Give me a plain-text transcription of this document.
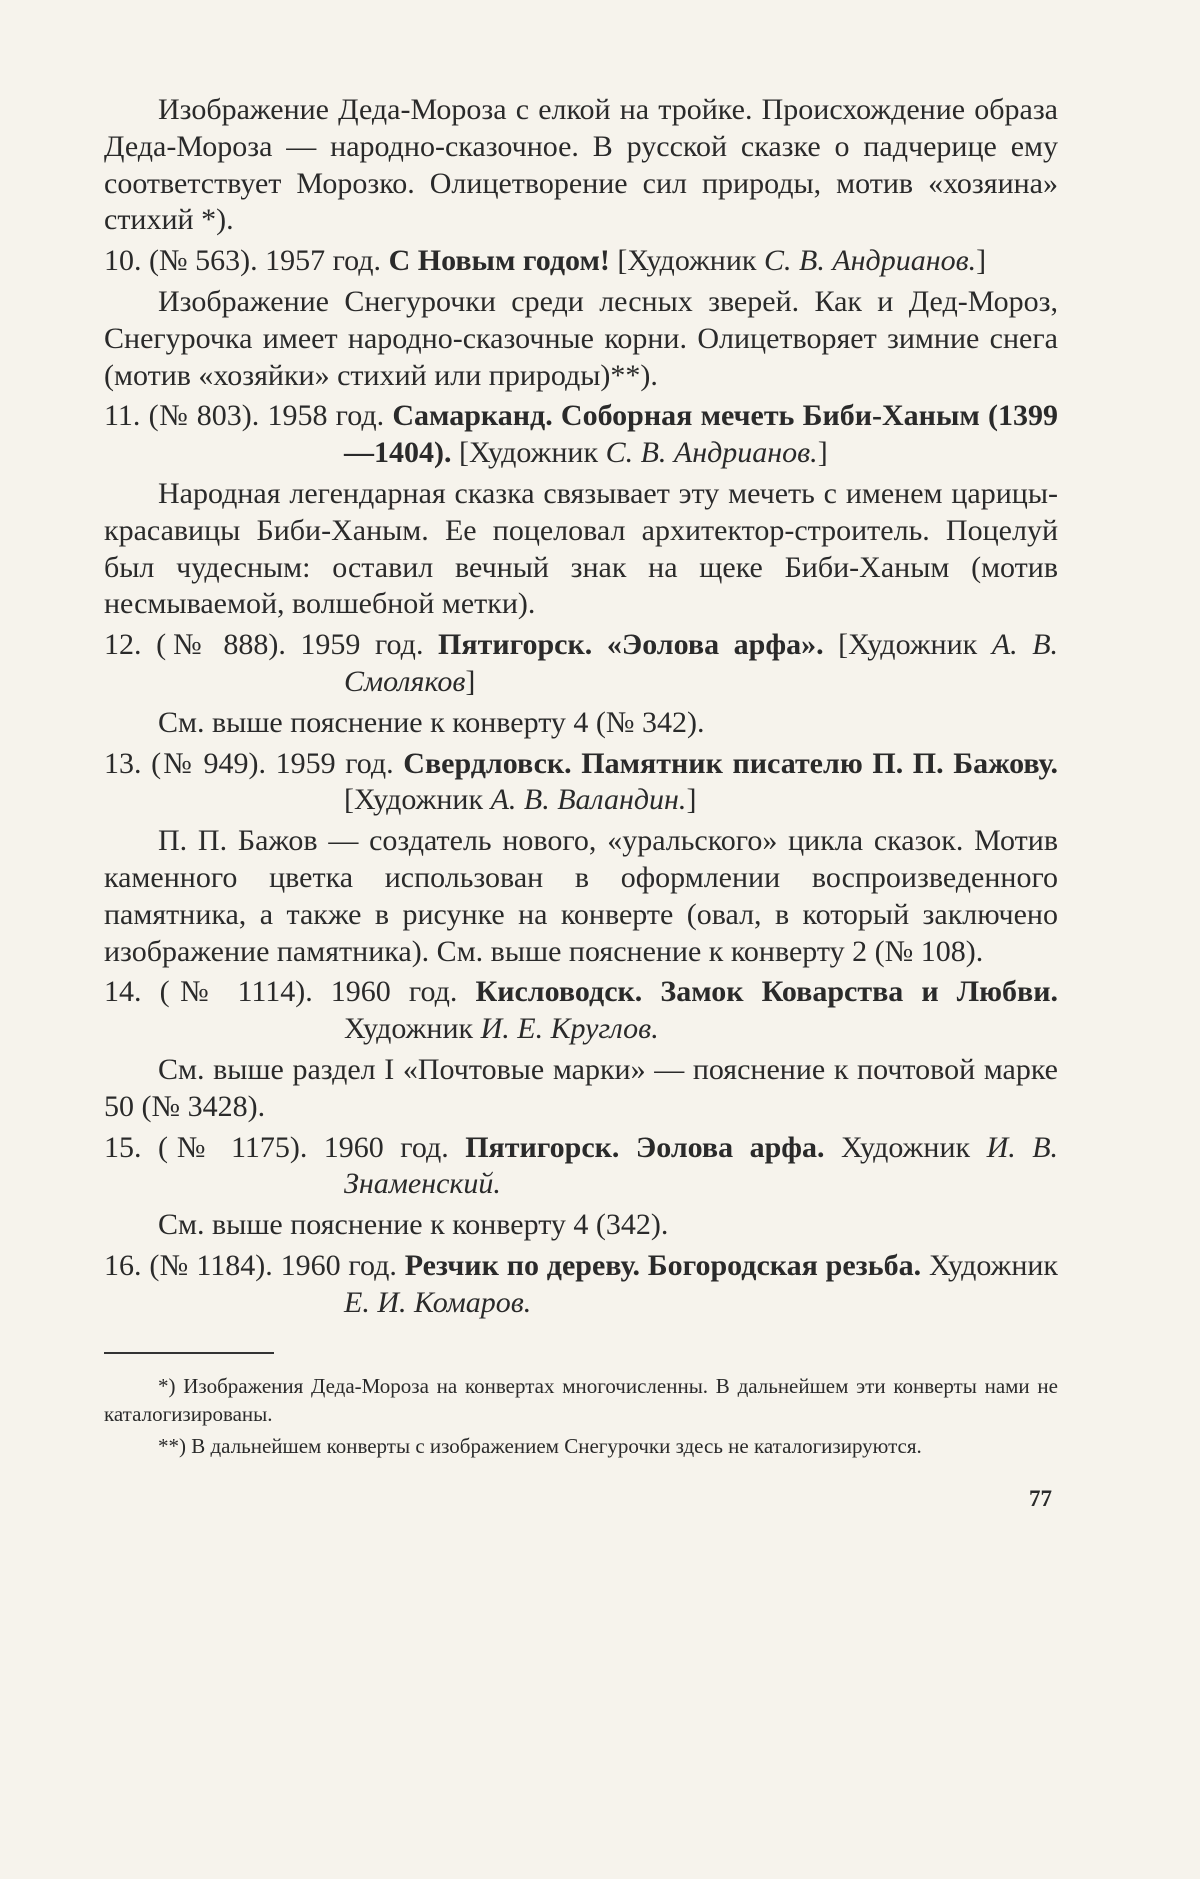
Изображение Деда-Мороза с елкой на тройке. Происхождение образа Деда-Мороза — народно-сказочное. В русской сказке о падчерице ему соответствует Морозко. Олицетворение сил природы, мотив «хозяина» стихий *).

10. (№ 563). 1957 год. С Новым годом! [Художник С. В. Андрианов.]

Изображение Снегурочки среди лесных зверей. Как и Дед-Мороз, Снегурочка имеет народно-сказочные корни. Олицетворяет зимние снега (мотив «хозяйки» стихий или природы)**).

11. (№ 803). 1958 год. Самарканд. Соборная мечеть Биби-Ханым (1399—1404). [Художник С. В. Андрианов.]

Народная легендарная сказка связывает эту мечеть с именем царицы-красавицы Биби-Ханым. Ее поцеловал архитектор-строитель. Поцелуй был чудесным: оставил вечный знак на щеке Биби-Ханым (мотив несмываемой, волшебной метки).

12. (№ 888). 1959 год. Пятигорск. «Эолова арфа». [Художник А. В. Смоляков]

См. выше пояснение к конверту 4 (№ 342).

13. (№ 949). 1959 год. Свердловск. Памятник писателю П. П. Бажову. [Художник А. В. Валандин.]

П. П. Бажов — создатель нового, «уральского» цикла сказок. Мотив каменного цветка использован в оформлении воспроизведенного памятника, а также в рисунке на конверте (овал, в который заключено изображение памятника). См. выше пояснение к конверту 2 (№ 108).

14. (№ 1114). 1960 год. Кисловодск. Замок Коварства и Любви. Художник И. Е. Круглов.

См. выше раздел I «Почтовые марки» — пояснение к почтовой марке 50 (№ 3428).

15. (№ 1175). 1960 год. Пятигорск. Эолова арфа. Художник И. В. Знаменский.

См. выше пояснение к конверту 4 (342).

16. (№ 1184). 1960 год. Резчик по дереву. Богородская резьба. Художник Е. И. Комаров.

*) Изображения Деда-Мороза на конвертах многочисленны. В дальнейшем эти конверты нами не каталогизированы.

**) В дальнейшем конверты с изображением Снегурочки здесь не каталогизируются.

77
